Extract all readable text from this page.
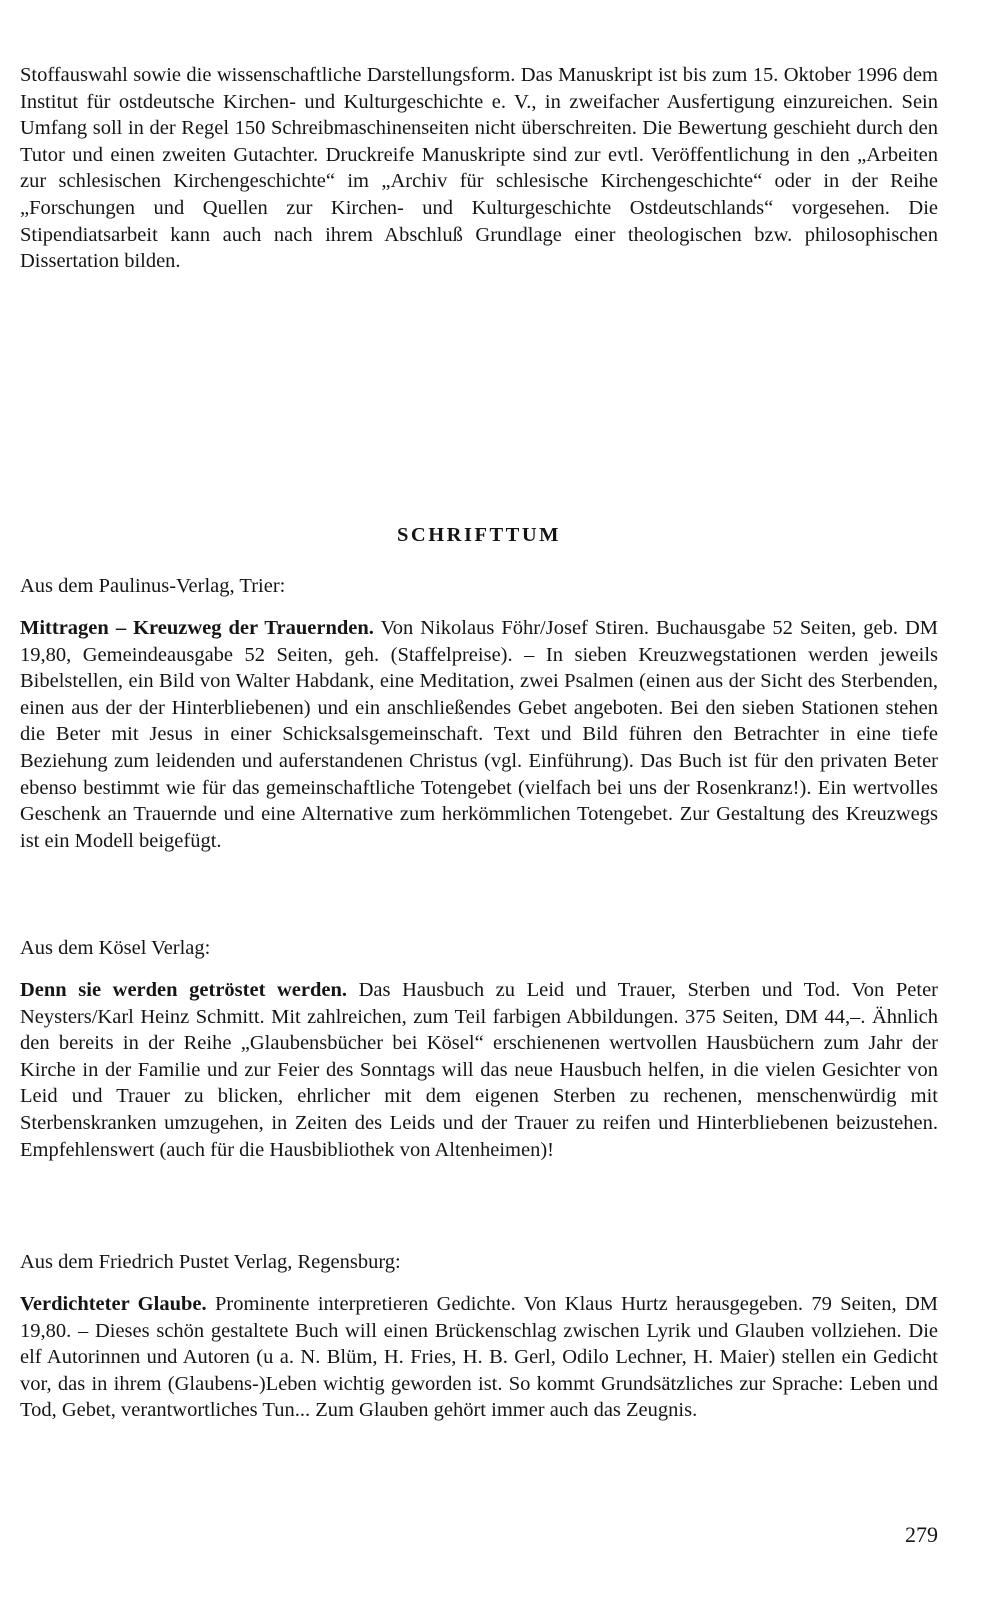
Stoffauswahl sowie die wissenschaftliche Darstellungsform. Das Manuskript ist bis zum 15. Oktober 1996 dem Institut für ostdeutsche Kirchen- und Kulturgeschichte e. V., in zweifacher Ausfertigung einzureichen. Sein Umfang soll in der Regel 150 Schreibmaschinenseiten nicht überschreiten. Die Bewertung geschieht durch den Tutor und einen zweiten Gutachter. Druckreife Manuskripte sind zur evtl. Veröffentlichung in den „Arbeiten zur schlesischen Kirchengeschichte“ im „Archiv für schlesische Kirchengeschichte“ oder in der Reihe „Forschungen und Quellen zur Kirchen- und Kulturgeschichte Ostdeutschlands“ vorgesehen. Die Stipendiatsarbeit kann auch nach ihrem Abschluß Grundlage einer theologischen bzw. philosophischen Dissertation bilden.

SCHRIFTTUM

Aus dem Paulinus-Verlag, Trier:

Mittragen – Kreuzweg der Trauernden. Von Nikolaus Föhr/Josef Stiren. Buchausgabe 52 Seiten, geb. DM 19,80, Gemeindeausgabe 52 Seiten, geh. (Staffelpreise). – In sieben Kreuzwegstationen werden jeweils Bibelstellen, ein Bild von Walter Habdank, eine Meditation, zwei Psalmen (einen aus der Sicht des Sterbenden, einen aus der der Hinterbliebenen) und ein anschließendes Gebet angeboten. Bei den sieben Stationen stehen die Beter mit Jesus in einer Schicksalsgemeinschaft. Text und Bild führen den Betrachter in eine tiefe Beziehung zum leidenden und auferstandenen Christus (vgl. Einführung). Das Buch ist für den privaten Beter ebenso bestimmt wie für das gemeinschaftliche Totengebet (vielfach bei uns der Rosenkranz!). Ein wertvolles Geschenk an Trauernde und eine Alternative zum herkömmlichen Totengebet. Zur Gestaltung des Kreuzwegs ist ein Modell beigefügt.

Aus dem Kösel Verlag:

Denn sie werden getröstet werden. Das Hausbuch zu Leid und Trauer, Sterben und Tod. Von Peter Neysters/Karl Heinz Schmitt. Mit zahlreichen, zum Teil farbigen Abbildungen. 375 Seiten, DM 44,–. Ähnlich den bereits in der Reihe „Glaubensbücher bei Kösel“ erschienenen wertvollen Hausbüchern zum Jahr der Kirche in der Familie und zur Feier des Sonntags will das neue Hausbuch helfen, in die vielen Gesichter von Leid und Trauer zu blicken, ehrlicher mit dem eigenen Sterben zu rechenen, menschenwürdig mit Sterbenskranken umzugehen, in Zeiten des Leids und der Trauer zu reifen und Hinterbliebenen beizustehen. Empfehlenswert (auch für die Hausbibliothek von Altenheimen)!

Aus dem Friedrich Pustet Verlag, Regensburg:

Verdichteter Glaube. Prominente interpretieren Gedichte. Von Klaus Hurtz herausgegeben. 79 Seiten, DM 19,80. – Dieses schön gestaltete Buch will einen Brückenschlag zwischen Lyrik und Glauben vollziehen. Die elf Autorinnen und Autoren (u a. N. Blüm, H. Fries, H. B. Gerl, Odilo Lechner, H. Maier) stellen ein Gedicht vor, das in ihrem (Glaubens-)Leben wichtig geworden ist. So kommt Grundsätzliches zur Sprache: Leben und Tod, Gebet, verantwortliches Tun... Zum Glauben gehört immer auch das Zeugnis.

279
